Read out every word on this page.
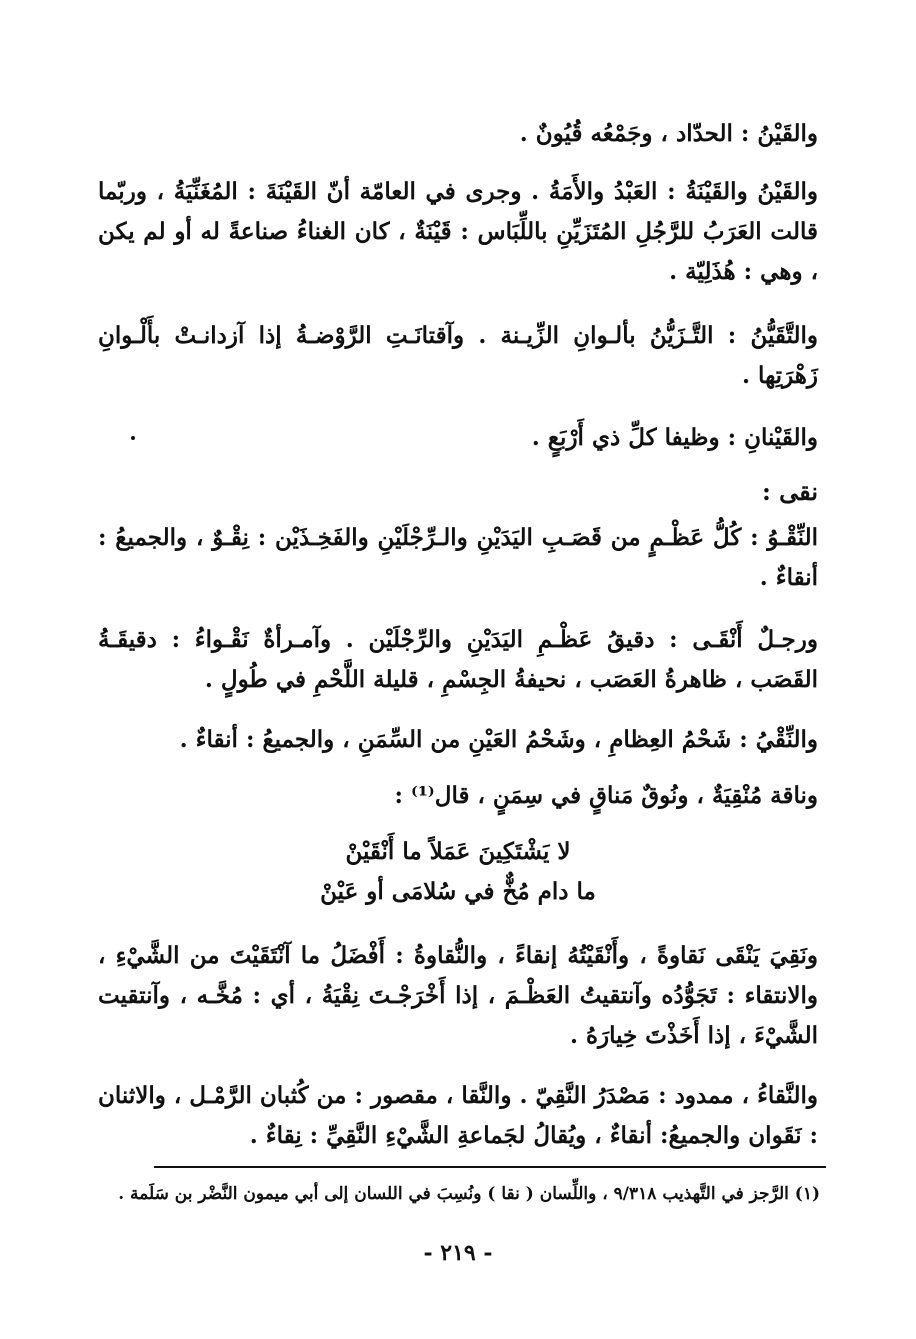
والقَيْنُ : الحدّاد ، وجَمْعُه قُيُونٌ .

والقَيْنُ والقَيْنَةُ : العَبْدُ والأَمَةُ . وجرى في العامّة أنّ القَيْنَةَ : المُغَنِّيَةُ ، وربّما قالت العَرَبُ للرَّجُلِ المُتَزَيِّنِ باللِّبَاس : قَيْنَةٌ ، كان الغناءُ صناعةً له أو لم يكن ، وهي : هُذَلِيّة .

والتَّقَيُّنُ : التَّـزَيُّنُ بألـوانِ الزِّيـنة . وآقتانَـتِ الرَّوْضـةُ إذا آزدانـتْ بأَلْـوانِ زَهْرَتِها .

والقَيْنانِ : وظيفا كلِّ ذي أَرْبَعٍ .

نقى :

النِّقْـوُ : كُلُّ عَظْـمٍ من قَصَـبِ اليَدَيْنِ والـرِّجْلَيْنِ والفَخِـذَيْن : نِقْـوٌ ، والجميعُ : أنقاءٌ .

ورجـلٌ أَنْقَـى : دقيقُ عَظْـمِ اليَدَيْنِ والرِّجْلَيْن . وآمـرأةٌ نَقْـواءُ : دقيقَـةُ القَصَب ، ظاهرةُ العَصَب ، نحيفةُ الجِسْمِ ، قليلة اللَّحْمِ في طُولٍ .

والنِّقْيُ : شَحْمُ العِظامِ ، وشَحْمُ العَيْنِ من السِّمَنِ ، والجميعُ : أنقاءٌ .

وناقة مُنْقِيَةٌ ، ونُوقٌ مَناقٍ في سِمَنٍ ، قال⁽¹⁾ :

لا يَشْتَكِينَ عَمَلاً ما أَنْقَيْنْ
ما دام مُخٌّ في سُلامَى أو عَيْنْ

ونَقِيَ يَنْقَى نَقاوةً ، وأَنْقَيْتُهُ إنقاءً ، والنُّقاوةُ : أَفْضَلُ ما آنْتَقَيْتَ من الشَّيْءِ ، والانتقاء : تَجَوُّدُه وآنتقيتُ العَظْـمَ ، إذا أَخْرَجْـتَ نِقْيَةُ ، أي : مُخَّـه ، وآنتقيت الشَّيْءَ ، إذا أَخَذْتَ خِيارَهُ .

والنَّقاءُ ، ممدود : مَصْدَرُ النَّقِيّ . والنَّقا ، مقصور : من كُثبان الرَّمْـل ، والاثنان : نَقَوان والجميعُ: أنقاءٌ ، ويُقالُ لجَماعةِ الشَّيْءِ النَّقِيِّ : نِقاءٌ .

(١) الرَّجز في التَّهذيب ٩/٣١٨ ، واللِّسان ( نقا ) ونُسِبَ في اللسان إلى أبي ميمون النَّضْر بن سَلَمة .
- ٢١٩ -
